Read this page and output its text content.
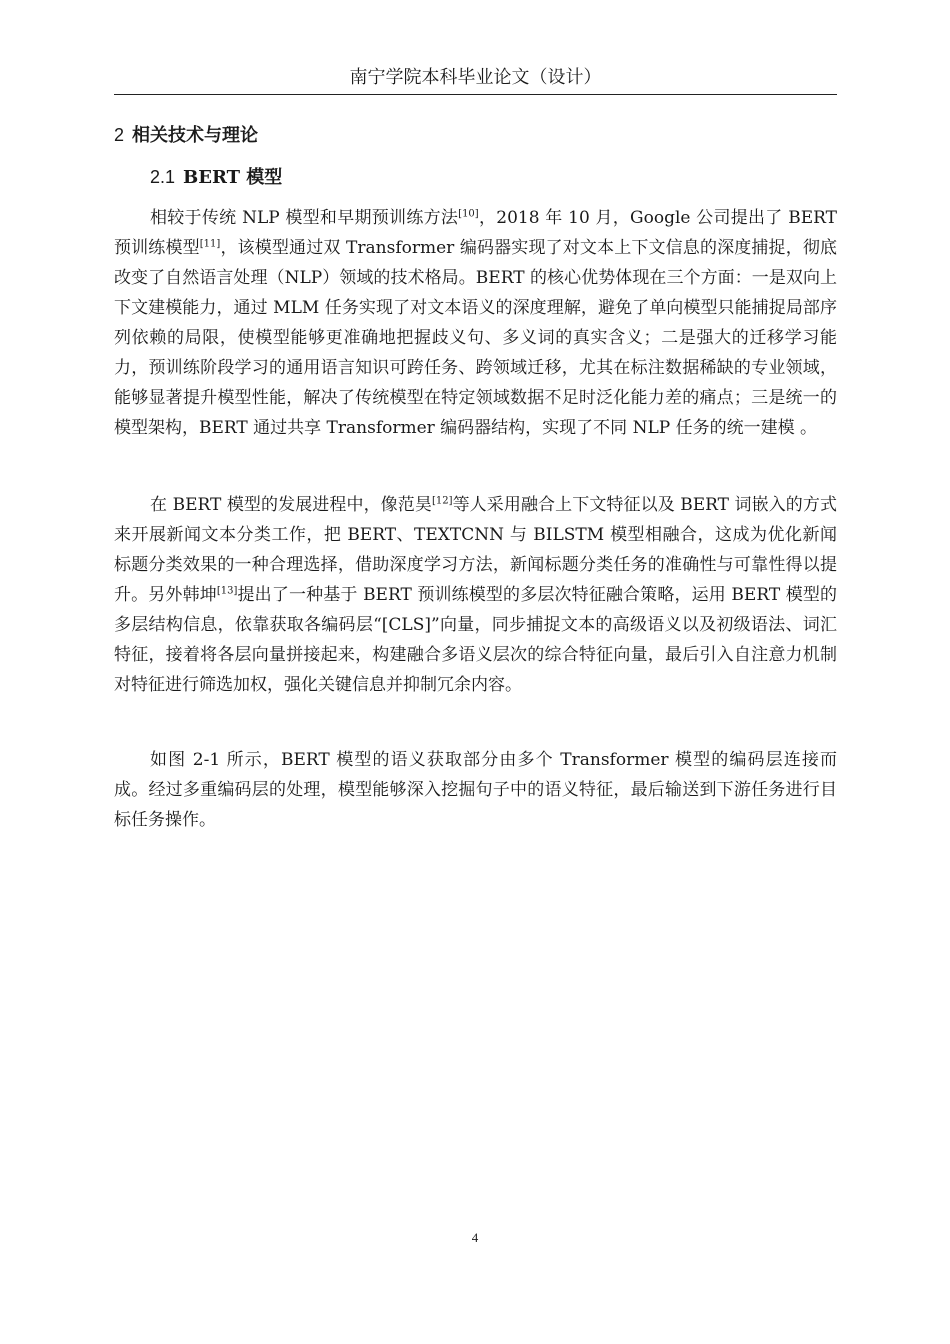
南宁学院本科毕业论文（设计）
2 相关技术与理论
2.1 BERT 模型

相较于传统 NLP 模型和早期预训练方法[10]，2018 年 10 月，Google 公司提出了 BERT 预训练模型[11]，该模型通过双 Transformer 编码器实现了对文本上下文信息的深度捕捉，彻底改变了自然语言处理（NLP）领域的技术格局。BERT 的核心优势体现在三个方面：一是双向上下文建模能力，通过 MLM 任务实现了对文本语义的深度理解，避免了单向模型只能捕捉局部序列依赖的局限，使模型能够更准确地把握歧义句、多义词的真实含义；二是强大的迁移学习能力，预训练阶段学习的通用语言知识可跨任务、跨领域迁移，尤其在标注数据稀缺的专业领域，能够显著提升模型性能，解决了传统模型在特定领域数据不足时泛化能力差的痛点；三是统一的模型架构，BERT 通过共享 Transformer 编码器结构，实现了不同 NLP 任务的统一建模 。

在 BERT 模型的发展进程中，像范昊[12]等人采用融合上下文特征以及 BERT 词嵌入的方式来开展新闻文本分类工作，把 BERT、TEXTCNN 与 BILSTM 模型相融合，这成为优化新闻标题分类效果的一种合理选择，借助深度学习方法，新闻标题分类任务的准确性与可靠性得以提升。另外韩坤[13]提出了一种基于 BERT 预训练模型的多层次特征融合策略，运用 BERT 模型的多层结构信息，依靠获取各编码层“[CLS]”向量，同步捕捉文本的高级语义以及初级语法、词汇特征，接着将各层向量拼接起来，构建融合多语义层次的综合特征向量，最后引入自注意力机制对特征进行筛选加权，强化关键信息并抑制冗余内容。

如图 2-1 所示，BERT 模型的语义获取部分由多个 Transformer 模型的编码层连接而成。经过多重编码层的处理，模型能够深入挖掘句子中的语义特征，最后输送到下游任务进行目标任务操作。

4
